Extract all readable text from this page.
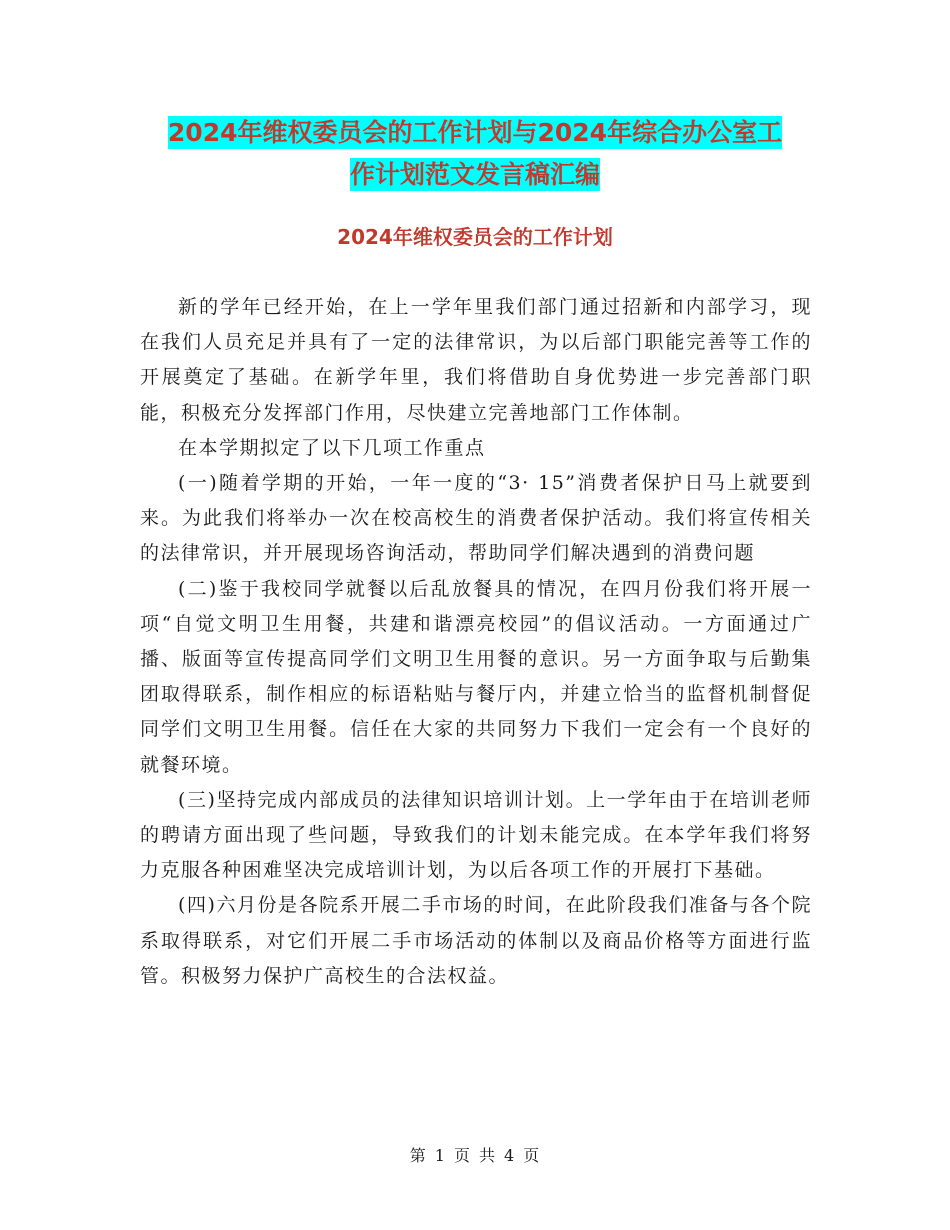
2024年维权委员会的工作计划与2024年综合办公室工
作计划范文发言稿汇编
2024年维权委员会的工作计划

新的学年已经开始，在上一学年里我们部门通过招新和内部学习，现在我们人员充足并具有了一定的法律常识，为以后部门职能完善等工作的开展奠定了基础。在新学年里，我们将借助自身优势进一步完善部门职能，积极充分发挥部门作用，尽快建立完善地部门工作体制。

在本学期拟定了以下几项工作重点

(一)随着学期的开始，一年一度的“3· 15”消费者保护日马上就要到来。为此我们将举办一次在校高校生的消费者保护活动。我们将宣传相关的法律常识，并开展现场咨询活动，帮助同学们解决遇到的消费问题

(二)鉴于我校同学就餐以后乱放餐具的情况，在四月份我们将开展一项“自觉文明卫生用餐，共建和谐漂亮校园”的倡议活动。一方面通过广播、版面等宣传提高同学们文明卫生用餐的意识。另一方面争取与后勤集团取得联系，制作相应的标语粘贴与餐厅内，并建立恰当的监督机制督促同学们文明卫生用餐。信任在大家的共同努力下我们一定会有一个良好的就餐环境。

(三)坚持完成内部成员的法律知识培训计划。上一学年由于在培训老师的聘请方面出现了些问题，导致我们的计划未能完成。在本学年我们将努力克服各种困难坚决完成培训计划，为以后各项工作的开展打下基础。

(四)六月份是各院系开展二手市场的时间，在此阶段我们准备与各个院系取得联系，对它们开展二手市场活动的体制以及商品价格等方面进行监管。积极努力保护广高校生的合法权益。

第 1 页 共 4 页
